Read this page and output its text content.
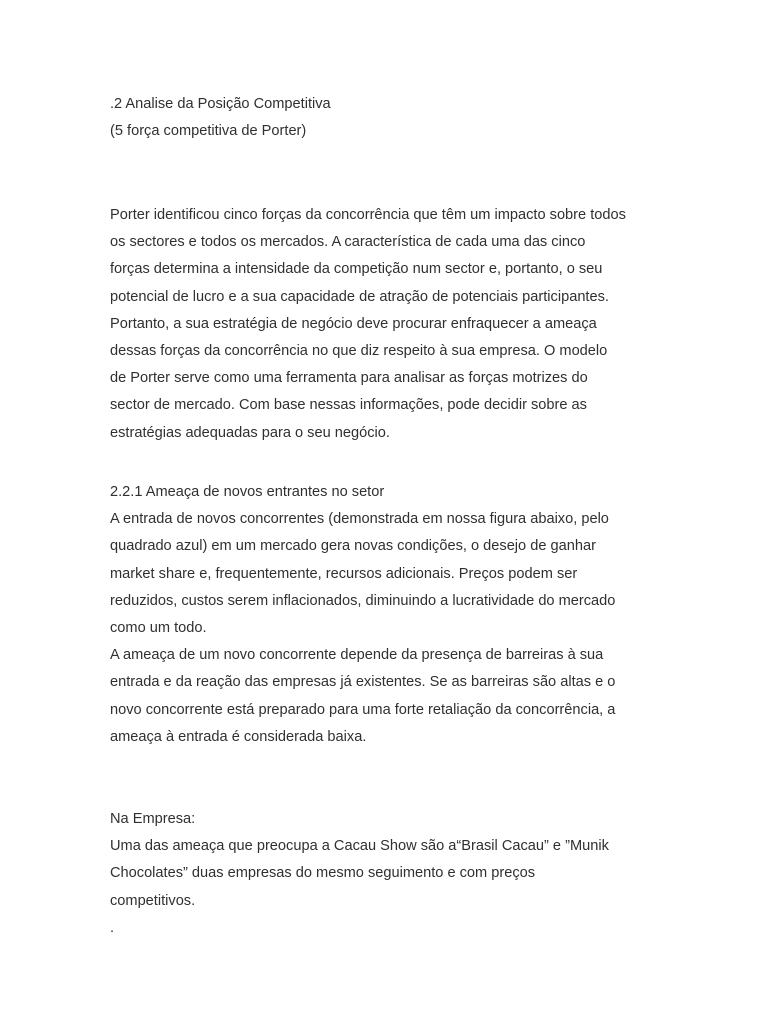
.2 Analise da Posição Competitiva

(5 força competitiva de Porter)

Porter identificou cinco forças da concorrência que têm um impacto sobre todos
os sectores e todos os mercados. A característica de cada uma das cinco
forças determina a intensidade da competição num sector e, portanto, o seu
potencial de lucro e a sua capacidade de atração de potenciais participantes.
Portanto, a sua estratégia de negócio deve procurar enfraquecer a ameaça
dessas forças da concorrência no que diz respeito à sua empresa. O modelo
de Porter serve como uma ferramenta para analisar as forças motrizes do
sector de mercado. Com base nessas informações, pode decidir sobre as
estratégias adequadas para o seu negócio.
2.2.1 Ameaça de novos entrantes no setor
A entrada de novos concorrentes (demonstrada em nossa figura abaixo, pelo
quadrado azul) em um mercado gera novas condições, o desejo de ganhar
market share e, frequentemente, recursos adicionais. Preços podem ser
reduzidos, custos serem inflacionados, diminuindo a lucratividade do mercado
como um todo.
A ameaça de um novo concorrente depende da presença de barreiras à sua
entrada e da reação das empresas já existentes. Se as barreiras são altas e o
novo concorrente está preparado para uma forte retaliação da concorrência, a
ameaça à entrada é considerada baixa.
Na Empresa:
Uma das ameaça que preocupa a Cacau Show são a“Brasil Cacau” e ”Munik
Chocolates” duas empresas do mesmo seguimento e com preços
competitivos.
.
